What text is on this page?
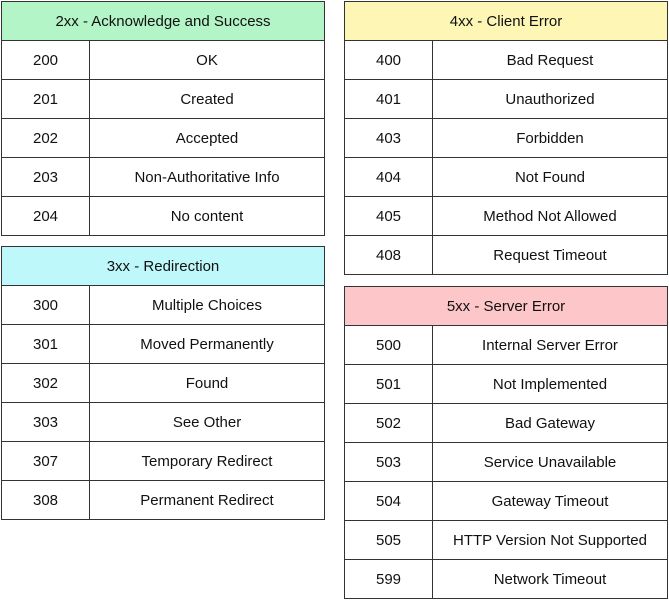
2xx - Acknowledge and Success	
200	OK
201	Created
202	Accepted
203	Non-Authoritative Info
204	No content
3xx - Redirection	
300	Multiple Choices
301	Moved Permanently
302	Found
303	See Other
307	Temporary Redirect
308	Permanent Redirect
4xx - Client Error	
400	Bad Request
401	Unauthorized
403	Forbidden
404	Not Found
405	Method Not Allowed
408	Request Timeout
5xx - Server Error	
500	Internal Server Error
501	Not Implemented
502	Bad Gateway
503	Service Unavailable
504	Gateway Timeout
505	HTTP Version Not Supported
599	Network Timeout
